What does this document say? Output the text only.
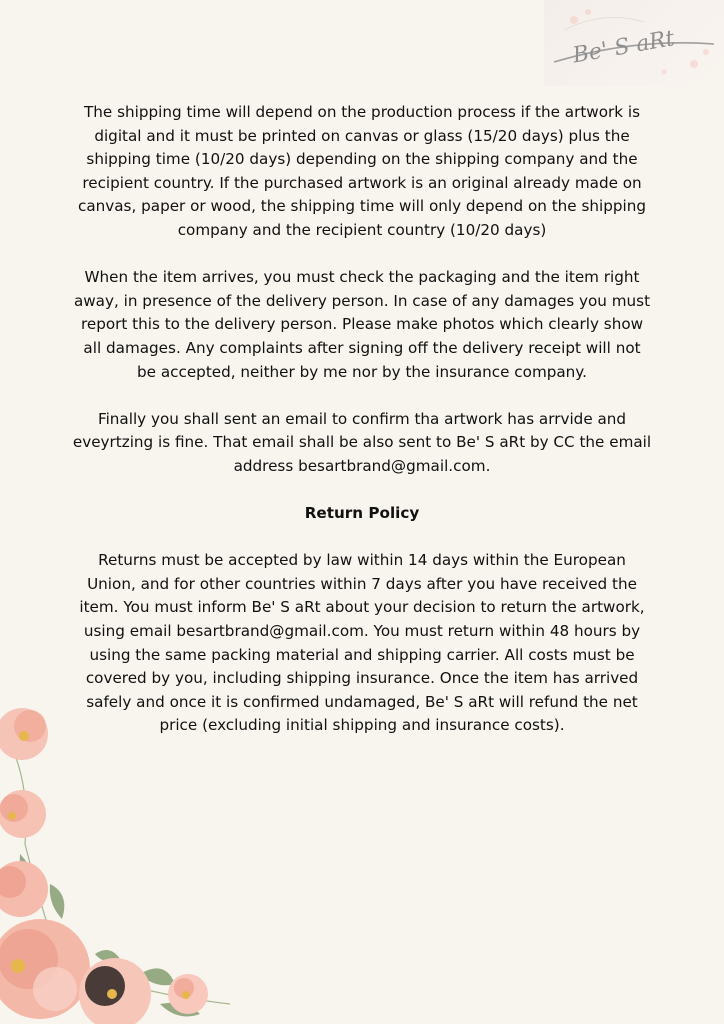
Be' S aRt

The shipping time will depend on the production process if the artwork is digital and it must be printed on canvas or glass (15/20 days) plus the shipping time (10/20 days) depending on the shipping company and the recipient country. If the purchased artwork is an original already made on canvas, paper or wood, the shipping time will only depend on the shipping company and the recipient country (10/20 days)

When the item arrives, you must check the packaging and the item right away, in presence of the delivery person. In case of any damages you must report this to the delivery person. Please make photos which clearly show all damages. Any complaints after signing off the delivery receipt will not be accepted, neither by me nor by the insurance company.

Finally you shall sent an email to confirm tha artwork has arrvide and eveyrtzing is fine. That email shall be also sent to Be' S aRt by CC the email address besartbrand@gmail.com.

Return Policy

Returns must be accepted by law within 14 days within the European Union, and for other countries within 7 days after you have received the item. You must inform Be' S aRt about your decision to return the artwork, using email besartbrand@gmail.com. You must return within 48 hours by using the same packing material and shipping carrier. All costs must be covered by you, including shipping insurance. Once the item has arrived safely and once it is confirmed undamaged, Be' S aRt will refund the net price (excluding initial shipping and insurance costs).
